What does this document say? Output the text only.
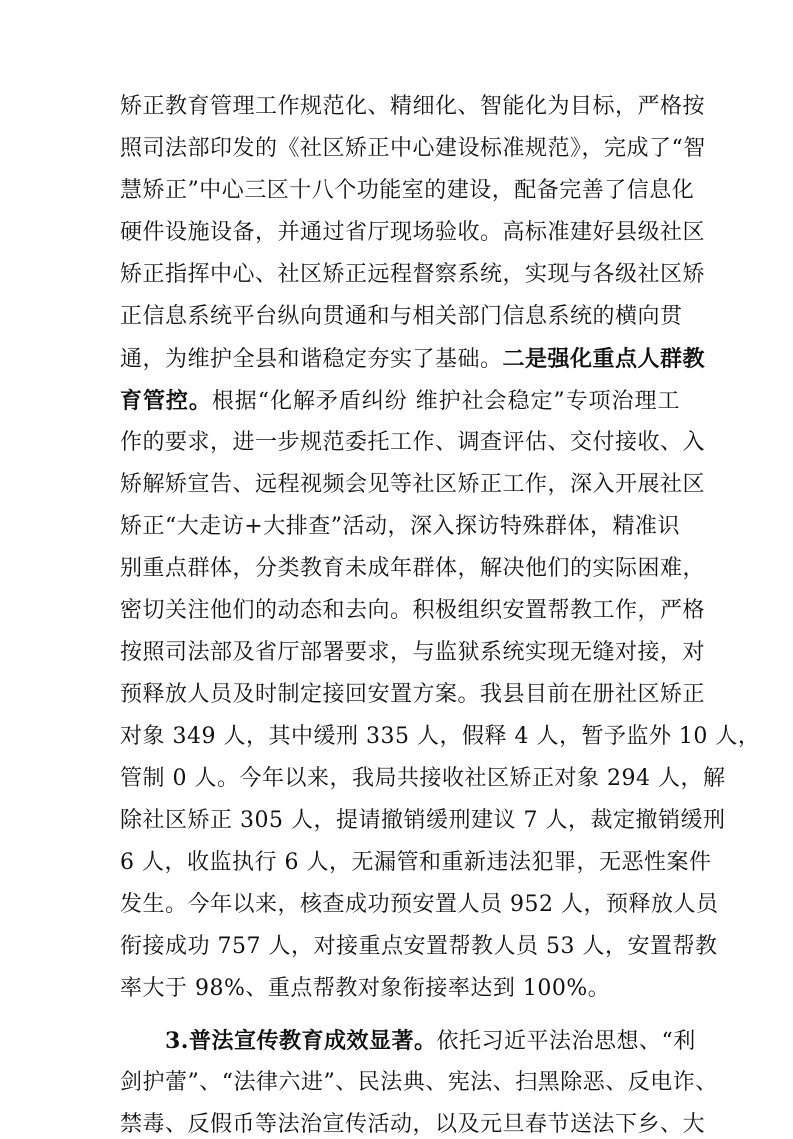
矫正教育管理工作规范化、精细化、智能化为目标，严格按
照司法部印发的《社区矫正中心建设标准规范》，完成了“智
慧矫正”中心三区十八个功能室的建设，配备完善了信息化
硬件设施设备，并通过省厅现场验收。高标准建好县级社区
矫正指挥中心、社区矫正远程督察系统，实现与各级社区矫
正信息系统平台纵向贯通和与相关部门信息系统的横向贯
通，为维护全县和谐稳定夯实了基础。二是强化重点人群教
育管控。根据“化解矛盾纠纷 维护社会稳定”专项治理工
作的要求，进一步规范委托工作、调查评估、交付接收、入
矫解矫宣告、远程视频会见等社区矫正工作，深入开展社区
矫正“大走访+大排查”活动，深入探访特殊群体，精准识
别重点群体，分类教育未成年群体，解决他们的实际困难，
密切关注他们的动态和去向。积极组织安置帮教工作，严格
按照司法部及省厅部署要求，与监狱系统实现无缝对接，对
预释放人员及时制定接回安置方案。我县目前在册社区矫正
对象 349 人，其中缓刑 335 人，假释 4 人，暂予监外 10 人，
管制 0 人。今年以来，我局共接收社区矫正对象 294 人，解
除社区矫正 305 人，提请撤销缓刑建议 7 人，裁定撤销缓刑
6 人，收监执行 6 人，无漏管和重新违法犯罪，无恶性案件
发生。今年以来，核查成功预安置人员 952 人，预释放人员
衔接成功 757 人，对接重点安置帮教人员 53 人，安置帮教
率大于 98%、重点帮教对象衔接率达到 100%。
3.普法宣传教育成效显著。依托习近平法治思想、“利
剑护蕾”、“法律六进”、民法典、宪法、扫黑除恶、反电诈、
禁毒、反假币等法治宣传活动，以及元旦春节送法下乡、大
